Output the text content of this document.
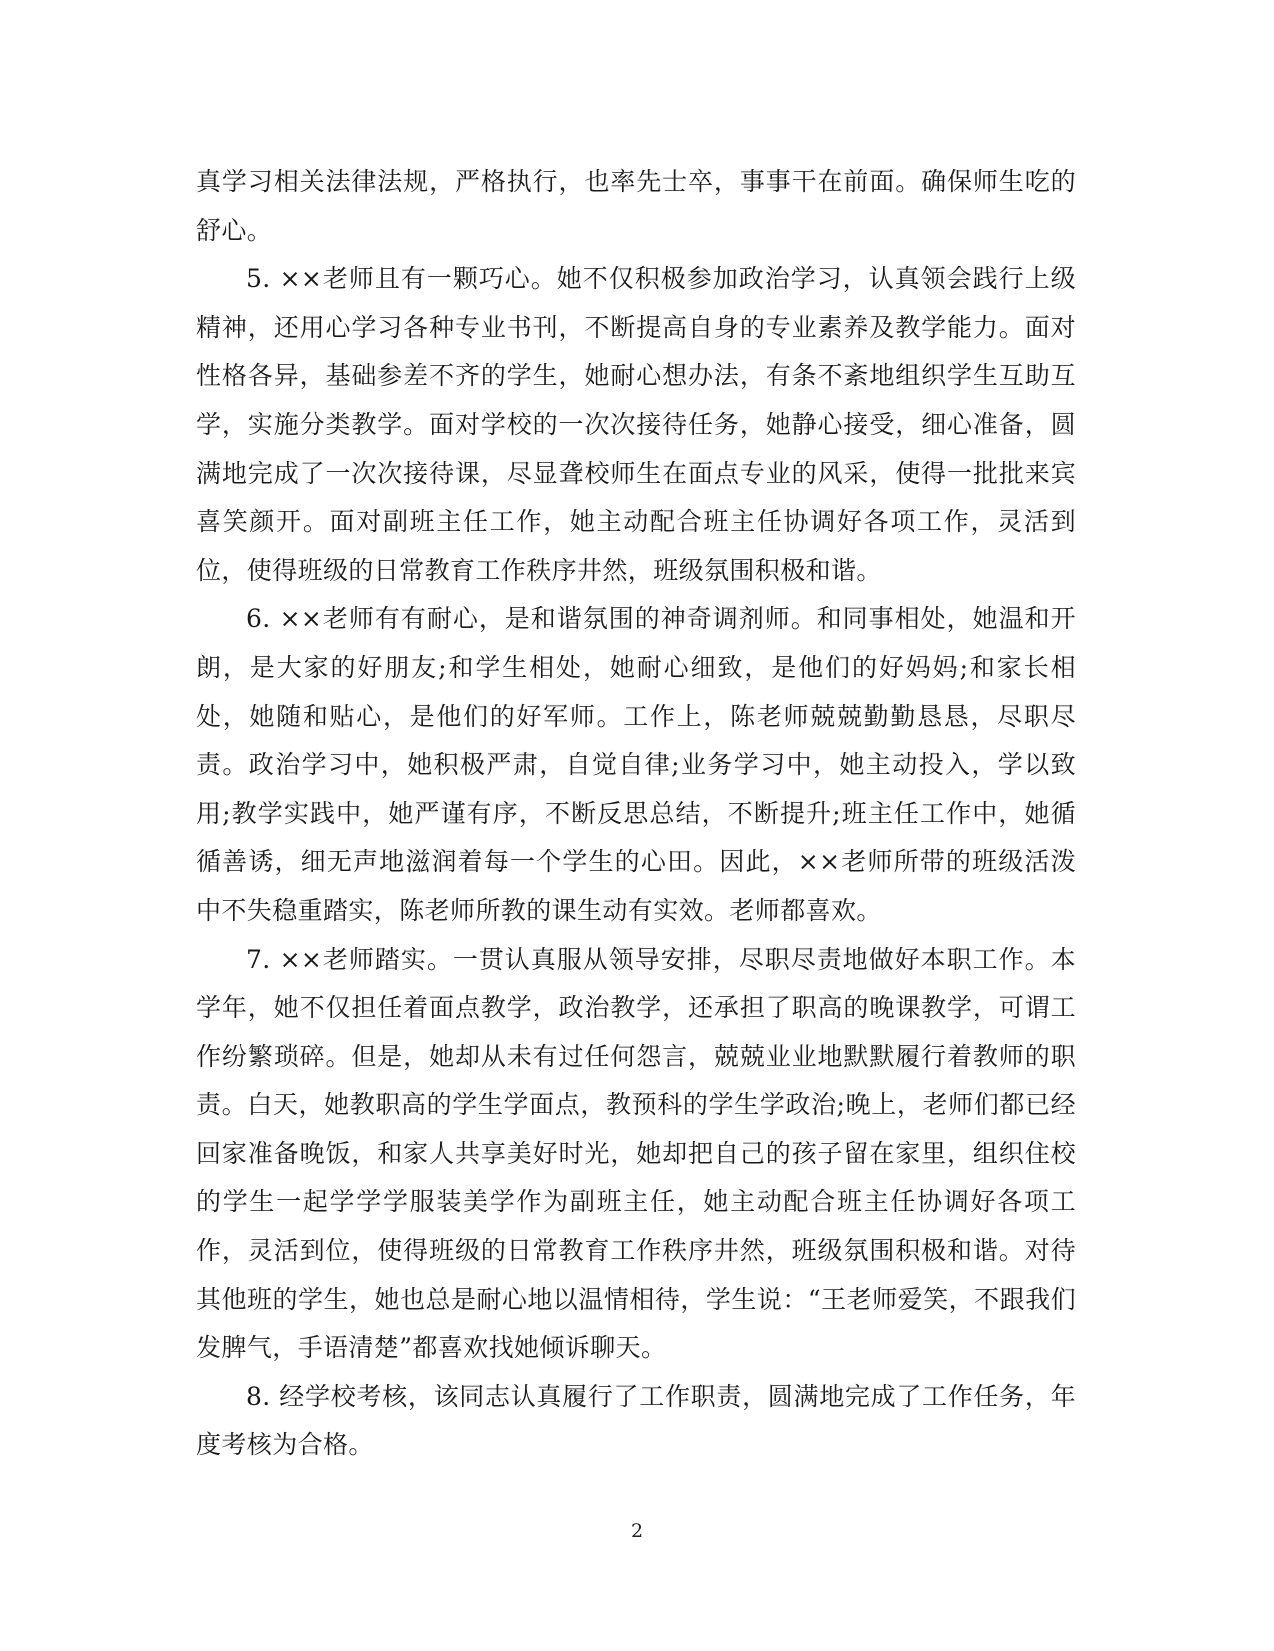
真学习相关法律法规，严格执行，也率先士卒，事事干在前面。确保师生吃的舒心。

5. ××老师且有一颗巧心。她不仅积极参加政治学习，认真领会践行上级精神，还用心学习各种专业书刊，不断提高自身的专业素养及教学能力。面对性格各异，基础参差不齐的学生，她耐心想办法，有条不紊地组织学生互助互学，实施分类教学。面对学校的一次次接待任务，她静心接受，细心准备，圆满地完成了一次次接待课，尽显聋校师生在面点专业的风采，使得一批批来宾喜笑颜开。面对副班主任工作，她主动配合班主任协调好各项工作，灵活到位，使得班级的日常教育工作秩序井然，班级氛围积极和谐。

6. ××老师有有耐心，是和谐氛围的神奇调剂师。和同事相处，她温和开朗，是大家的好朋友;和学生相处，她耐心细致，是他们的好妈妈;和家长相处，她随和贴心，是他们的好军师。工作上，陈老师兢兢勤勤恳恳，尽职尽责。政治学习中，她积极严肃，自觉自律;业务学习中，她主动投入，学以致用;教学实践中，她严谨有序，不断反思总结，不断提升;班主任工作中，她循循善诱，细无声地滋润着每一个学生的心田。因此，××老师所带的班级活泼中不失稳重踏实，陈老师所教的课生动有实效。老师都喜欢。

7. ××老师踏实。一贯认真服从领导安排，尽职尽责地做好本职工作。本学年，她不仅担任着面点教学，政治教学，还承担了职高的晚课教学，可谓工作纷繁琐碎。但是，她却从未有过任何怨言，兢兢业业地默默履行着教师的职责。白天，她教职高的学生学面点，教预科的学生学政治;晚上，老师们都已经回家准备晚饭，和家人共享美好时光，她却把自己的孩子留在家里，组织住校的学生一起学学学服装美学作为副班主任，她主动配合班主任协调好各项工作，灵活到位，使得班级的日常教育工作秩序井然，班级氛围积极和谐。对待其他班的学生，她也总是耐心地以温情相待，学生说：“王老师爱笑，不跟我们发脾气，手语清楚”都喜欢找她倾诉聊天。

8. 经学校考核，该同志认真履行了工作职责，圆满地完成了工作任务，年度考核为合格。

2
